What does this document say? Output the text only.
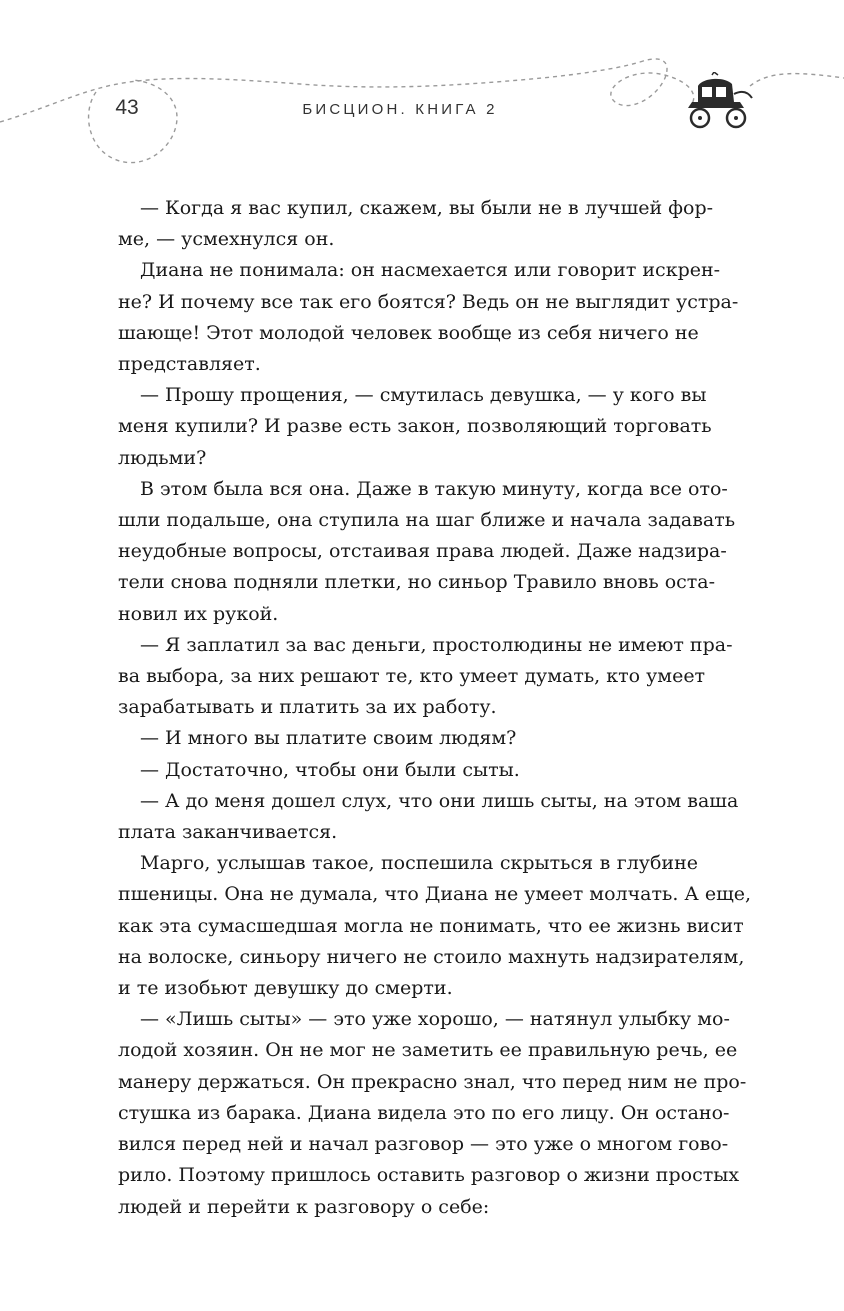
43	БИСЦИОН. КНИГА 2

— Когда я вас купил, скажем, вы были не в лучшей фор-
ме, — усмехнулся он.

Диана не понимала: он насмехается или говорит искрен-
не? И почему все так его боятся? Ведь он не выглядит устра-
шающе! Этот молодой человек вообще из себя ничего не
представляет.

— Прошу прощения, — смутилась девушка, — у кого вы
меня купили? И разве есть закон, позволяющий торговать
людьми?

В этом была вся она. Даже в такую минуту, когда все ото-
шли подальше, она ступила на шаг ближе и начала задавать
неудобные вопросы, отстаивая права людей. Даже надзира-
тели снова подняли плетки, но синьор Травило вновь оста-
новил их рукой.

— Я заплатил за вас деньги, простолюдины не имеют пра-
ва выбора, за них решают те, кто умеет думать, кто умеет
зарабатывать и платить за их работу.

— И много вы платите своим людям?

— Достаточно, чтобы они были сыты.

— А до меня дошел слух, что они лишь сыты, на этом ваша
плата заканчивается.

Марго, услышав такое, поспешила скрыться в глубине
пшеницы. Она не думала, что Диана не умеет молчать. А еще,
как эта сумасшедшая могла не понимать, что ее жизнь висит
на волоске, синьору ничего не стоило махнуть надзирателям,
и те изобьют девушку до смерти.

— «Лишь сыты» — это уже хорошо, — натянул улыбку мо-
лодой хозяин. Он не мог не заметить ее правильную речь, ее
манеру держаться. Он прекрасно знал, что перед ним не про-
стушка из барака. Диана видела это по его лицу. Он остано-
вился перед ней и начал разговор — это уже о многом гово-
рило. Поэтому пришлось оставить разговор о жизни простых
людей и перейти к разговору о себе:
